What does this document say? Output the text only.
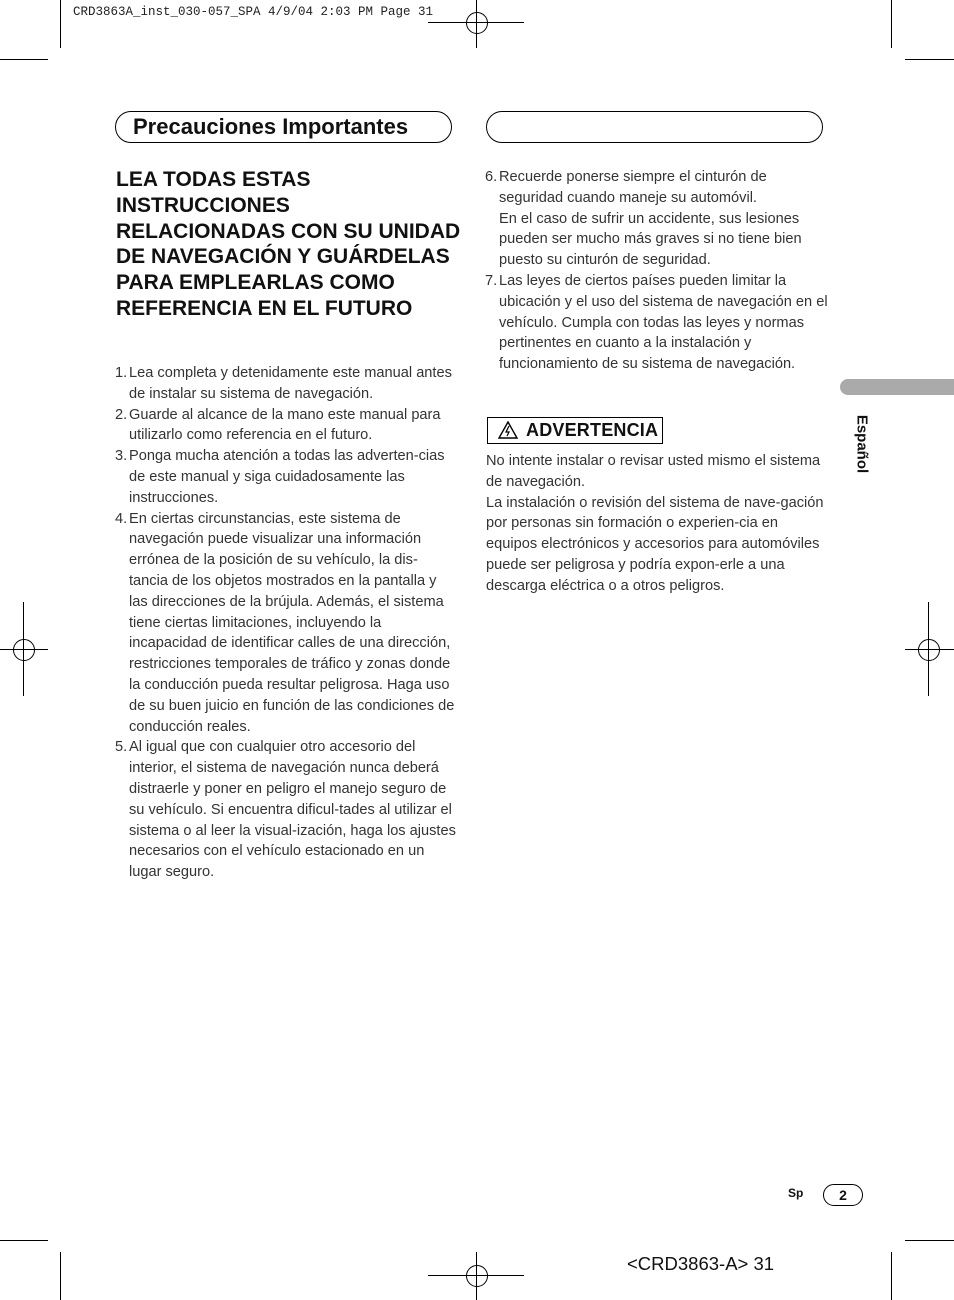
CRD3863A_inst_030-057_SPA 4/9/04 2:03 PM Page 31
Precauciones Importantes
LEA TODAS ESTAS INSTRUCCIONES RELACIONADAS CON SU UNIDAD DE NAVEGACIÓN Y GUÁRDELAS PARA EMPLEARLAS COMO REFERENCIA EN EL FUTURO
1. Lea completa y detenidamente este manual antes de instalar su sistema de navegación.
2. Guarde al alcance de la mano este manual para utilizarlo como referencia en el futuro.
3. Ponga mucha atención a todas las adverten-cias de este manual y siga cuidadosamente las instrucciones.
4. En ciertas circunstancias, este sistema de navegación puede visualizar una información errónea de la posición de su vehículo, la dis-tancia de los objetos mostrados en la pantalla y las direcciones de la brújula. Además, el sistema tiene ciertas limitaciones, incluyendo la incapacidad de identificar calles de una dirección, restricciones temporales de tráfico y zonas donde la conducción pueda resultar peligrosa. Haga uso de su buen juicio en función de las condiciones de conducción reales.
5. Al igual que con cualquier otro accesorio del interior, el sistema de navegación nunca deberá distraerle y poner en peligro el manejo seguro de su vehículo. Si encuentra dificul-tades al utilizar el sistema o al leer la visual-ización, haga los ajustes necesarios con el vehículo estacionado en un lugar seguro.
6. Recuerde ponerse siempre el cinturón de seguridad cuando maneje su automóvil.
En el caso de sufrir un accidente, sus lesiones pueden ser mucho más graves si no tiene bien puesto su cinturón de seguridad.
7. Las leyes de ciertos países pueden limitar la ubicación y el uso del sistema de navegación en el vehículo. Cumpla con todas las leyes y normas pertinentes en cuanto a la instalación y funcionamiento de su sistema de navegación.
ADVERTENCIA
No intente instalar o revisar usted mismo el sistema de navegación.
La instalación o revisión del sistema de nave-gación por personas sin formación o experien-cia en equipos electrónicos y accesorios para automóviles puede ser peligrosa y podría expon-erle a una descarga eléctrica o a otros peligros.
Español
Sp	2
<CRD3863-A> 31
